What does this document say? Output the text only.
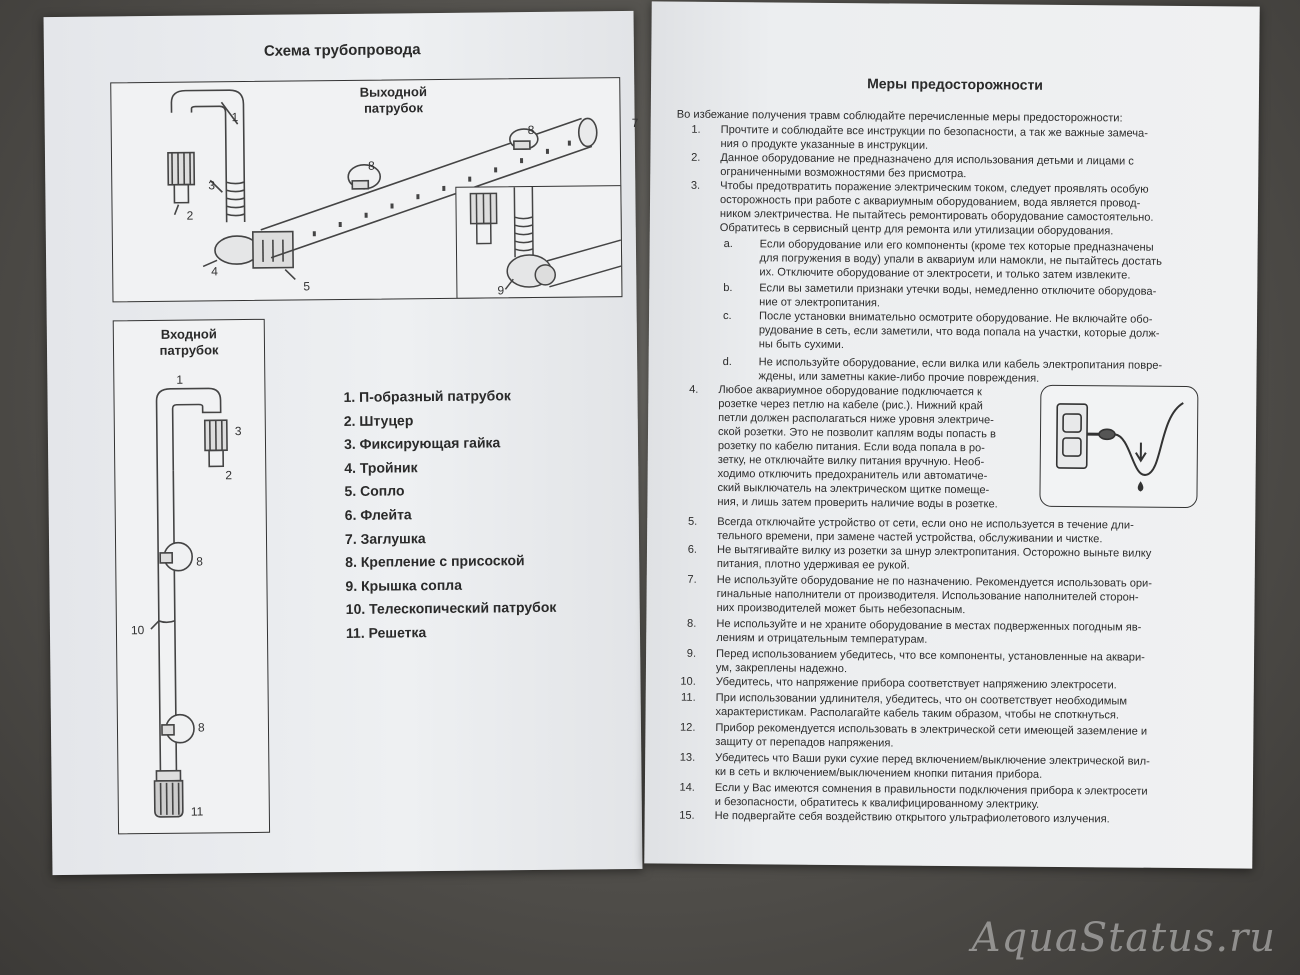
Схема трубопровода
Выходной
патрубок
1
2
3
4
5
7
8
8
9
Входной
патрубок
1
2
3
8
8
10
11
1. П-образный патрубок
2. Штуцер
3. Фиксирующая гайка
4. Тройник
5. Сопло
6. Флейта
7. Заглушка
8. Крепление с присоской
9. Крышка сопла
10. Телескопический патрубок
11. Решетка
Меры предосторожности
Во избежание получения травм соблюдайте перечисленные меры предосторожности:
1. Прочтите и соблюдайте все инструкции по безопасности, а так же важные замеча-
ния о продукте указанные в инструкции.
2. Данное оборудование не предназначено для использования детьми и лицами с
ограниченными возможностями без присмотра.
3. Чтобы предотвратить поражение электрическим током, следует проявлять особую
осторожность при работе с аквариумным оборудованием, вода является провод-
ником электричества. Не пытайтесь ремонтировать оборудование самостоятельно.
Обратитесь в сервисный центр для ремонта или утилизации оборудования.
4. Любое аквариумное оборудование подключается к
розетке через петлю на кабеле (рис.). Нижний край
петли должен располагаться ниже уровня электриче-
ской розетки. Это не позволит каплям воды попасть в
розетку по кабелю питания. Если вода попала в ро-
зетку, не отключайте вилку питания вручную. Необ-
ходимо отключить предохранитель или автоматиче-
ский выключатель на электрическом щитке помеще-
ния, и лишь затем проверить наличие воды в розетке.
5. Всегда отключайте устройство от сети, если оно не используется в течение дли-
тельного времени, при замене частей устройства, обслуживании и чистке.
6. Не вытягивайте вилку из розетки за шнур электропитания. Осторожно выньте вилку
питания, плотно удерживая ее рукой.
7. Не используйте оборудование не по назначению. Рекомендуется использовать ори-
гинальные наполнители от производителя. Использование наполнителей сторон-
них производителей может быть небезопасным.
8. Не используйте и не храните оборудование в местах подверженных погодным яв-
лениям и отрицательным температурам.
9. Перед использованием убедитесь, что все компоненты, установленные на аквари-
ум, закреплены надежно.
10. Убедитесь, что напряжение прибора соответствует напряжению электросети.
11. При использовании удлинителя, убедитесь, что он соответствует необходимым
характеристикам. Располагайте кабель таким образом, чтобы не споткнуться.
12. Прибор рекомендуется использовать в электрической сети имеющей заземление и
защиту от перепадов напряжения.
13. Убедитесь что Ваши руки сухие перед включением/выключение электрической вил-
ки в сеть и включением/выключением кнопки питания прибора.
14. Если у Вас имеются сомнения в правильности подключения прибора к электросети
и безопасности, обратитесь к квалифицированному электрику.
15. Не подвергайте себя воздействию открытого ультрафиолетового излучения.
a.	Если оборудование или его компоненты (кроме тех которые предназначены
для погружения в воду) упали в аквариум или намокли, не пытайтесь достать
их. Отключите оборудование от электросети, и только затем извлеките.
b.	Если вы заметили признаки утечки воды, немедленно отключите оборудова-
ние от электропитания.
c.	После установки внимательно осмотрите оборудование. Не включайте обо-
рудование в сеть, если заметили, что вода попала на участки, которые долж-
ны быть сухими.
d.	Не используйте оборудование, если вилка или кабель электропитания повре-
ждены, или заметны какие-либо прочие повреждения.
AquaStatus.ru
